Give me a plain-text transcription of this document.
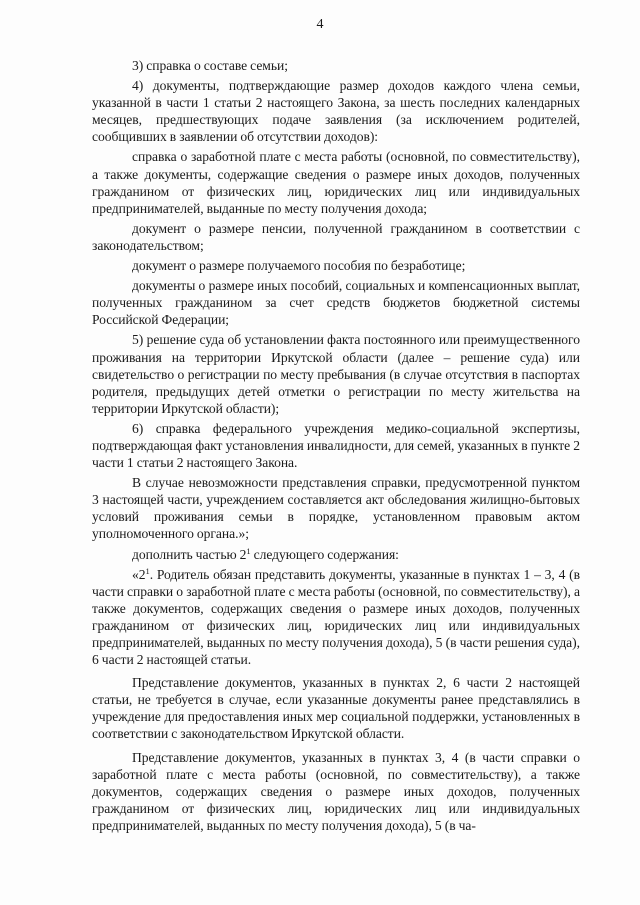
4

3) справка о составе семьи;

4) документы, подтверждающие размер доходов каждого члена семьи, указанной в части 1 статьи 2 настоящего Закона, за шесть последних календарных месяцев, предшествующих подаче заявления (за исключением родителей, сообщивших в заявлении об отсутствии доходов):

справка о заработной плате с места работы (основной, по совместительству), а также документы, содержащие сведения о размере иных доходов, полученных гражданином от физических лиц, юридических лиц или индивидуальных предпринимателей, выданные по месту получения дохода;

документ о размере пенсии, полученной гражданином в соответствии с законодательством;

документ о размере получаемого пособия по безработице;

документы о размере иных пособий, социальных и компенсационных выплат, полученных гражданином за счет средств бюджетов бюджетной системы Российской Федерации;

5) решение суда об установлении факта постоянного или преимущественного проживания на территории Иркутской области (далее – решение суда) или свидетельство о регистрации по месту пребывания (в случае отсутствия в паспортах родителя, предыдущих детей отметки о регистрации по месту жительства на территории Иркутской области);

6) справка федерального учреждения медико-социальной экспертизы, подтверждающая факт установления инвалидности, для семей, указанных в пункте 2 части 1 статьи 2 настоящего Закона.

В случае невозможности представления справки, предусмотренной пунктом 3 настоящей части, учреждением составляется акт обследования жилищно-бытовых условий проживания семьи в порядке, установленном правовым актом уполномоченного органа.»;

дополнить частью $2^1$ следующего содержания:

«$2^1$. Родитель обязан представить документы, указанные в пунктах 1 – 3, 4 (в части справки о заработной плате с места работы (основной, по совместительству), а также документов, содержащих сведения о размере иных доходов, полученных гражданином от физических лиц, юридических лиц или индивидуальных предпринимателей, выданных по месту получения дохода), 5 (в части решения суда), 6 части 2 настоящей статьи.

Представление документов, указанных в пунктах 2, 6 части 2 настоящей статьи, не требуется в случае, если указанные документы ранее представлялись в учреждение для предоставления иных мер социальной поддержки, установленных в соответствии с законодательством Иркутской области.

Представление документов, указанных в пунктах 3, 4 (в части справки о заработной плате с места работы (основной, по совместительству), а также документов, содержащих сведения о размере иных доходов, полученных гражданином от физических лиц, юридических лиц или индивидуальных предпринимателей, выданных по месту получения дохода), 5 (в ча-
